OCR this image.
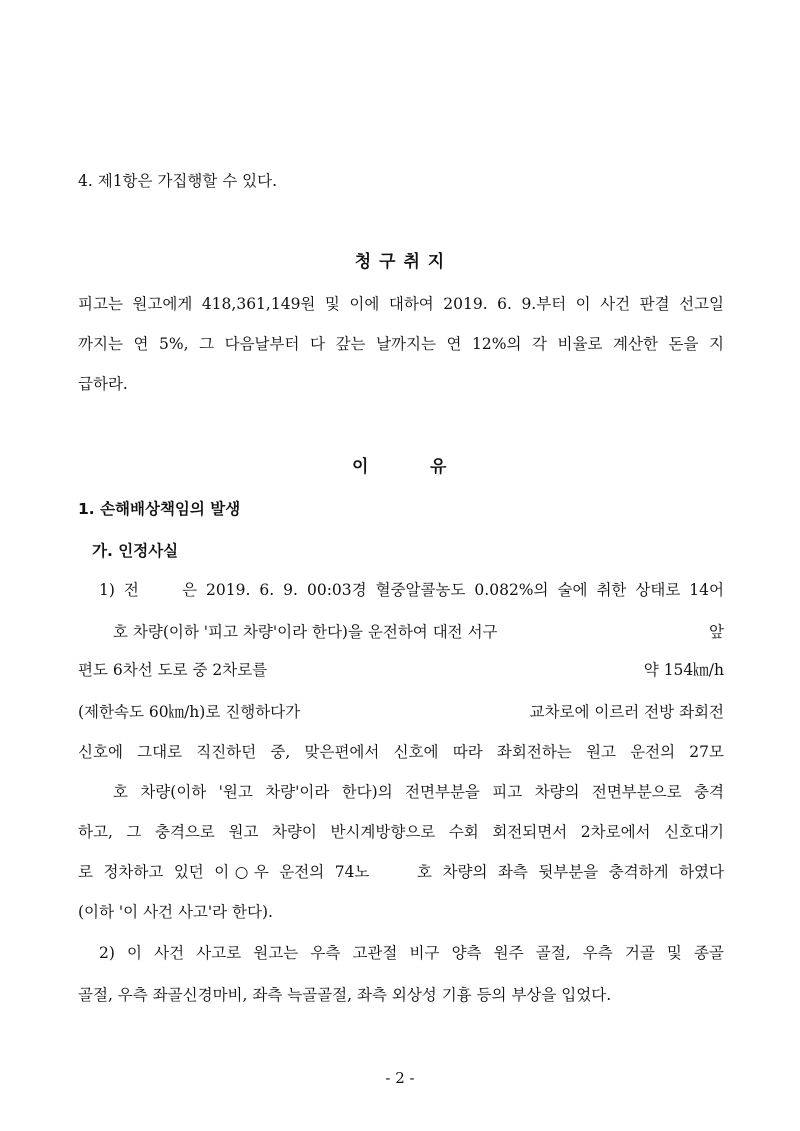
4. 제1항은 가집행할 수 있다.
청 구 취 지
피고는 원고에게 418,361,149원 및 이에 대하여 2019. 6. 9.부터 이 사건 판결 선고일
까지는 연 5%, 그 다음날부터 다 갚는 날까지는 연 12%의 각 비율로 계산한 돈을 지
급하라.
이	유
1. 손해배상책임의 발생
가. 인정사실
1) 전　　은 2019. 6. 9. 00:03경 혈중알콜농도 0.082%의 술에 취한 상태로 14어
호 차량(이하 '피고 차량'이라 한다)을 운전하여 대전 서구	앞
편도 6차선 도로 중 2차로를	약 154㎞/h
(제한속도 60㎞/h)로 진행하다가	교차로에 이르러 전방 좌회전
신호에 그대로 직진하던 중, 맞은편에서 신호에 따라 좌회전하는 원고 운전의 27모
호 차량(이하 '원고 차량'이라 한다)의 전면부분을 피고 차량의 전면부분으로 충격
하고, 그 충격으로 원고 차량이 반시계방향으로 수회 회전되면서 2차로에서 신호대기
로 정차하고 있던 이○우 운전의 74노　　호 차량의 좌측 뒷부분을 충격하게 하였다
(이하 '이 사건 사고'라 한다).
2) 이 사건 사고로 원고는 우측 고관절 비구 양측 원주 골절, 우측 거골 및 종골
골절, 우측 좌골신경마비, 좌측 늑골골절, 좌측 외상성 기흉 등의 부상을 입었다.
- 2 -
